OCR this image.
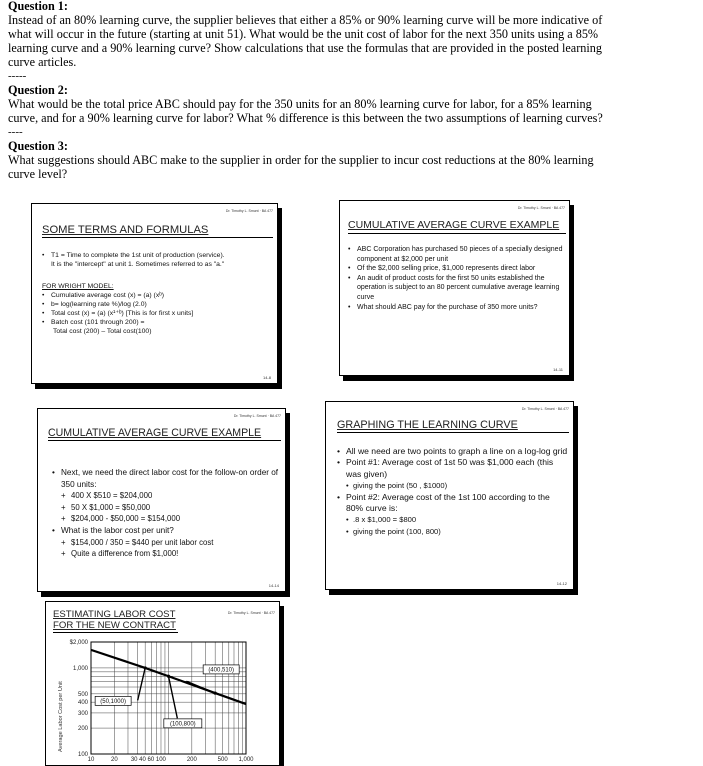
Question 1:
Instead of an 80% learning curve, the supplier believes that either a 85% or 90% learning curve will be more indicative of
what will occur in the future (starting at unit 51). What would be the unit cost of labor for the next 350 units using a 85%
learning curve and a 90% learning curve? Show calculations that use the formulas that are provided in the posted learning
curve articles.
-----
Question 2:
What would be the total price ABC should pay for the 350 units for an 80% learning curve for labor, for a 85% learning
curve, and for a 90% learning curve for labor? What % difference is this between the two assumptions of learning curves?
----
Question 3:
What suggestions should ABC make to the supplier in order for the supplier to incur cost reductions at the 80% learning
curve level?
Dr. Timothy L. Smunt · BA 477
SOME TERMS AND FORMULAS
• T1 = Time to complete the 1st unit of production (service).
It is the "intercept" at unit 1. Sometimes referred to as "a."
FOR WRIGHT MODEL:
• Cumulative average cost (x) = (a) (xᵇ)
• b= log(learning rate %)/log (2.0)
• Total cost (x) = (a) (x¹⁺ᵇ) [This is for first x units]
• Batch cost (101 through 200) =
Total cost (200) – Total cost(100)
14-8
Dr. Timothy L. Smunt · BA 477
CUMULATIVE AVERAGE CURVE EXAMPLE
• ABC Corporation has purchased 50 pieces of a specially designed component at $2,000 per unit
• Of the $2,000 selling price, $1,000 represents direct labor
• An audit of product costs for the first 50 units established the operation is subject to an 80 percent cumulative average learning curve
• What should ABC pay for the purchase of 350 more units?
14-11
Dr. Timothy L. Smunt · BA 477
CUMULATIVE AVERAGE CURVE EXAMPLE
• Next, we need the direct labor cost for the follow-on order of 350 units:
+ 400 X $510 = $204,000
+ 50 X $1,000 = $50,000
+ $204,000 - $50,000 = $154,000
• What is the labor cost per unit?
+ $154,000 / 350 = $440 per unit labor cost
+ Quite a difference from $1,000!
14-14
Dr. Timothy L. Smunt · BA 477
GRAPHING THE LEARNING CURVE
• All we need are two points to graph a line on a log-log grid
• Point #1: Average cost of 1st 50 was $1,000 each (this was given)
• giving the point (50 , $1000)
• Point #2: Average cost of the 1st 100 according to the 80% curve is:
• .8 x $1,000 = $800
• giving the point (100, 800)
14-12
Dr. Timothy L. Smunt · BA 477
ESTIMATING LABOR COST
FOR THE NEW CONTRACT
Average Labor Cost per Unit
$2,000
1,000
500
400
300
200
100
10	20 30 40 60 100	200	500 1,000
(400,510)
(50,1000)
(100,800)
